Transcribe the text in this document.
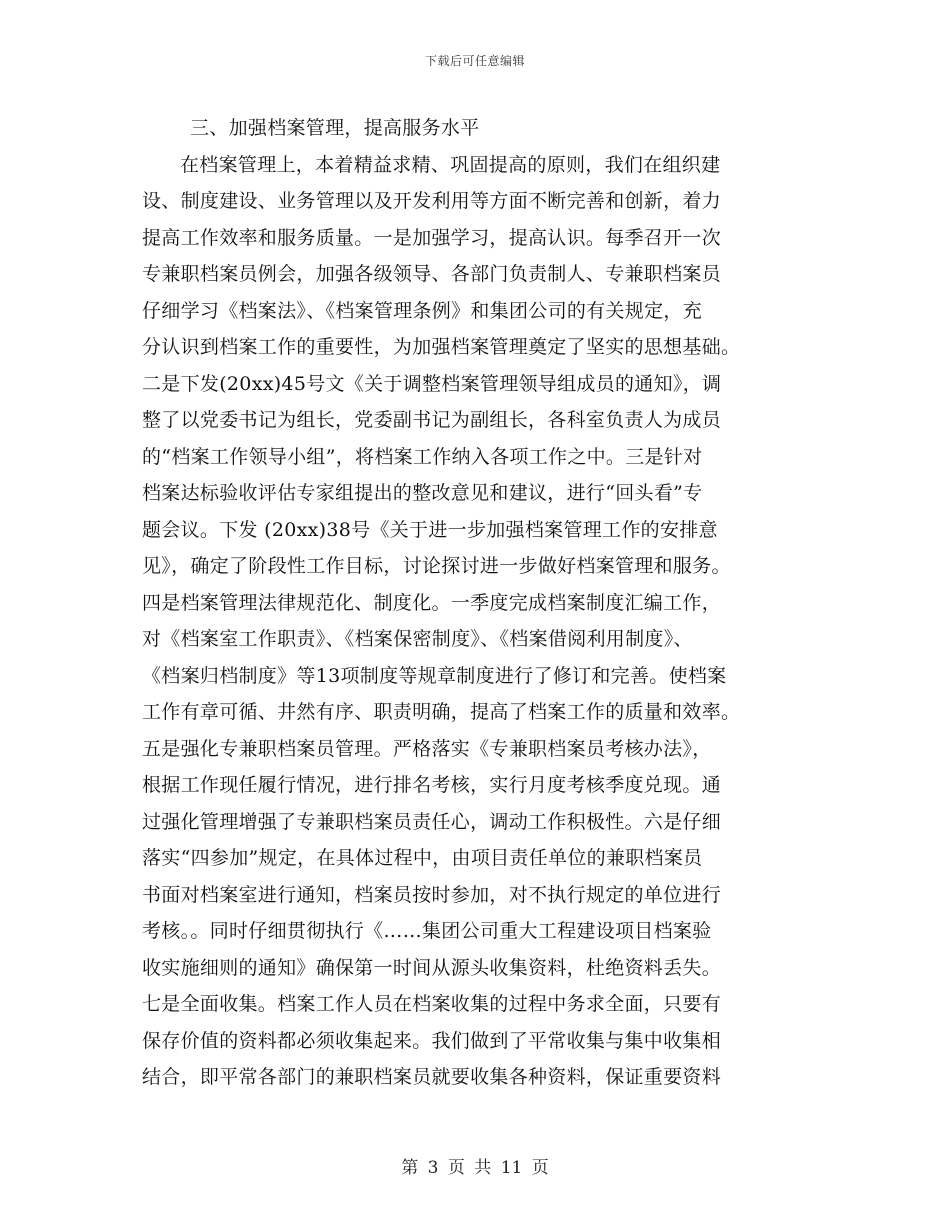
下载后可任意编辑
三、加强档案管理，提高服务水平
在档案管理上，本着精益求精、巩固提高的原则，我们在组织建
设、制度建设、业务管理以及开发利用等方面不断完善和创新，着力
提高工作效率和服务质量。一是加强学习，提高认识。每季召开一次
专兼职档案员例会，加强各级领导、各部门负责制人、专兼职档案员
仔细学习《档案法》、《档案管理条例》和集团公司的有关规定，充
分认识到档案工作的重要性，为加强档案管理奠定了坚实的思想基础。
二是下发(20xx)45号文《关于调整档案管理领导组成员的通知》，调
整了以党委书记为组长，党委副书记为副组长，各科室负责人为成员
的“档案工作领导小组”，将档案工作纳入各项工作之中。三是针对
档案达标验收评估专家组提出的整改意见和建议，进行“回头看”专
题会议。下发 (20xx)38号《关于进一步加强档案管理工作的安排意
见》，确定了阶段性工作目标，讨论探讨进一步做好档案管理和服务。
四是档案管理法律规范化、制度化。一季度完成档案制度汇编工作，
对《档案室工作职责》、《档案保密制度》、《档案借阅利用制度》、
《档案归档制度》等13项制度等规章制度进行了修订和完善。使档案
工作有章可循、井然有序、职责明确，提高了档案工作的质量和效率。
五是强化专兼职档案员管理。严格落实《专兼职档案员考核办法》，
根据工作现任履行情况，进行排名考核，实行月度考核季度兑现。通
过强化管理增强了专兼职档案员责任心，调动工作积极性。六是仔细
落实“四参加”规定，在具体过程中，由项目责任单位的兼职档案员
书面对档案室进行通知，档案员按时参加，对不执行规定的单位进行
考核。。同时仔细贯彻执行《……集团公司重大工程建设项目档案验
收实施细则的通知》确保第一时间从源头收集资料，杜绝资料丢失。
七是全面收集。档案工作人员在档案收集的过程中务求全面，只要有
保存价值的资料都必须收集起来。我们做到了平常收集与集中收集相
结合，即平常各部门的兼职档案员就要收集各种资料，保证重要资料
第 3 页 共 11 页
